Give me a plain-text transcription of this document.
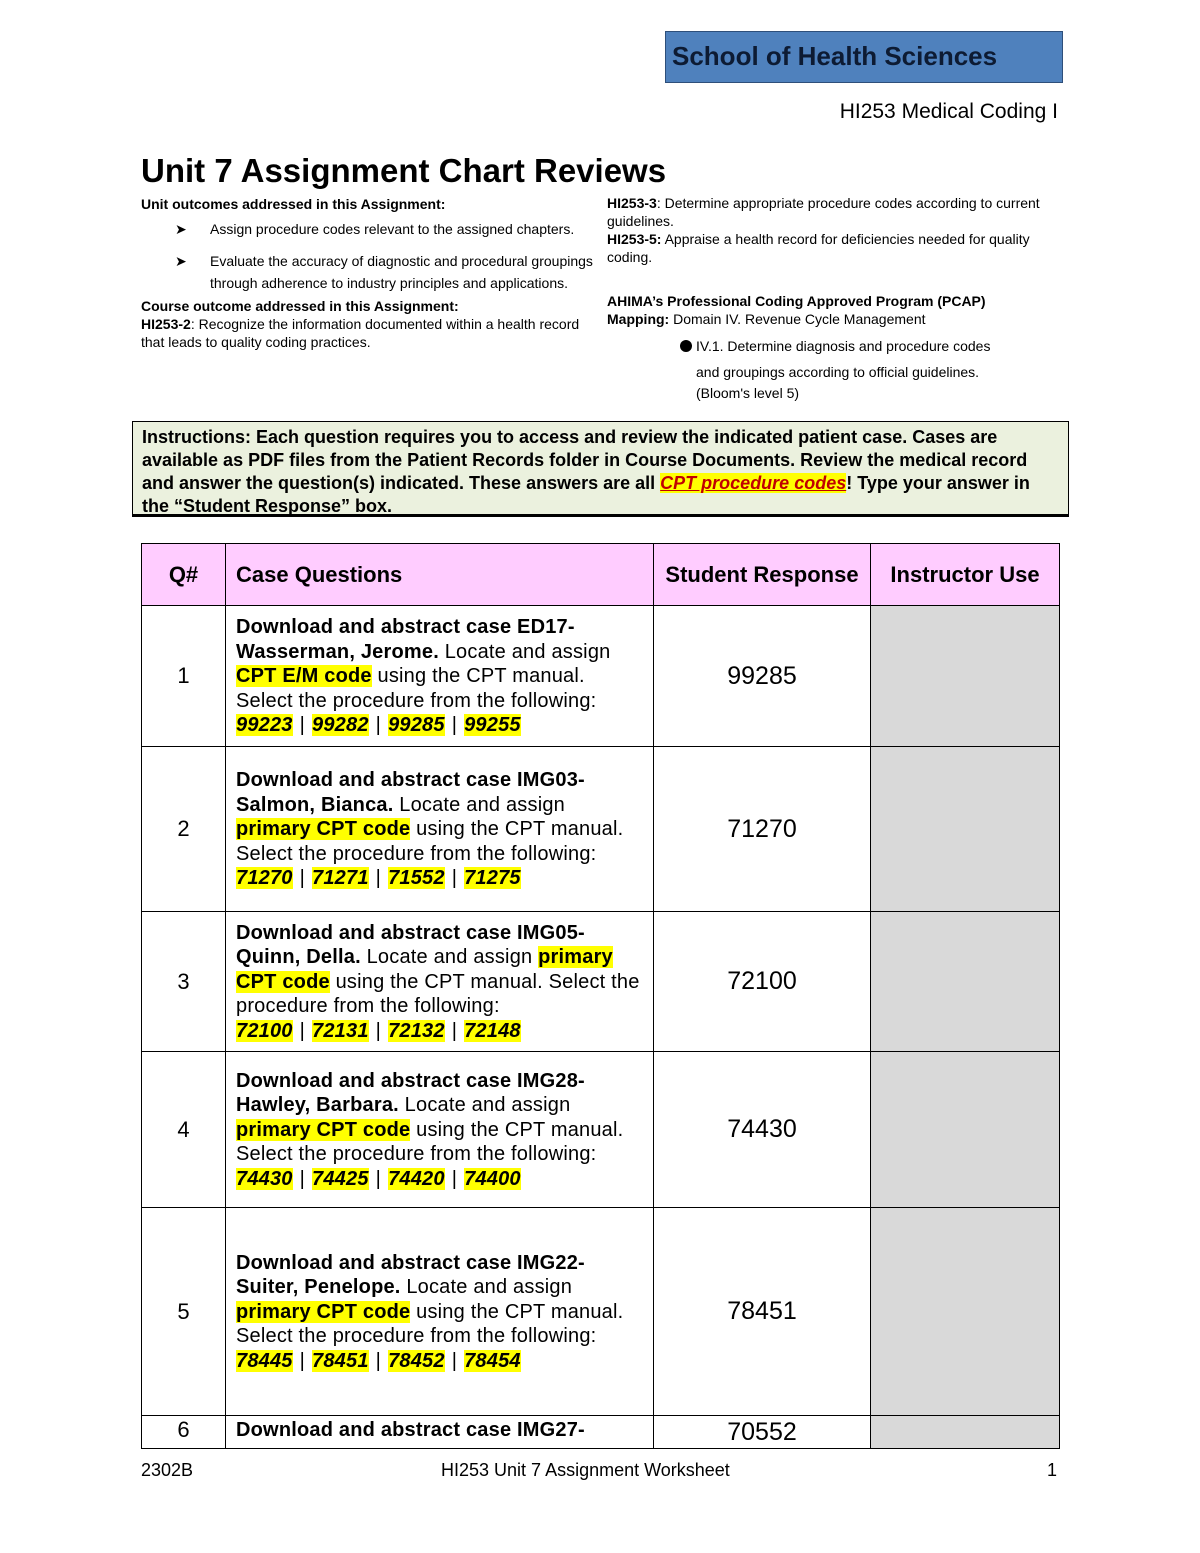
School of Health Sciences
HI253 Medical Coding I
Unit 7 Assignment Chart Reviews
Unit outcomes addressed in this Assignment:
➤ Assign procedure codes relevant to the assigned chapters.
➤ Evaluate the accuracy of diagnostic and procedural groupings through adherence to industry principles and applications.
Course outcome addressed in this Assignment:
HI253-2: Recognize the information documented within a health record that leads to quality coding practices.

HI253-3: Determine appropriate procedure codes according to current guidelines.

HI253-5: Appraise a health record for deficiencies needed for quality coding.

AHIMA’s Professional Coding Approved Program (PCAP)

Mapping: Domain IV. Revenue Cycle Management

IV.1. Determine diagnosis and procedure codes
and groupings according to official guidelines.
(Bloom's level 5)
Instructions: Each question requires you to access and review the indicated patient case. Cases are available as PDF files from the Patient Records folder in Course Documents. Review the medical record and answer the question(s) indicated. These answers are all CPT procedure codes! Type your answer in the “Student Response” box.
Q#	Case Questions	Student Response	Instructor Use
1	Download and abstract case ED17-Wasserman, Jerome. Locate and assign CPT E/M code using the CPT manual. Select the procedure from the following:
99223 | 99282 | 99285 | 99255	99285	
2	Download and abstract case IMG03-Salmon, Bianca. Locate and assign primary CPT code using the CPT manual. Select the procedure from the following:
71270 | 71271 | 71552 | 71275	71270	
3	Download and abstract case IMG05-Quinn, Della. Locate and assign primary CPT code using the CPT manual. Select the procedure from the following:
72100 | 72131 | 72132 | 72148	72100	
4	Download and abstract case IMG28-Hawley, Barbara. Locate and assign primary CPT code using the CPT manual. Select the procedure from the following:
74430 | 74425 | 74420 | 74400	74430	
5	Download and abstract case IMG22-Suiter, Penelope. Locate and assign primary CPT code using the CPT manual. Select the procedure from the following:
78445 | 78451 | 78452 | 78454	78451	
6	Download and abstract case IMG27-	70552	
2302B	HI253 Unit 7 Assignment Worksheet	1
